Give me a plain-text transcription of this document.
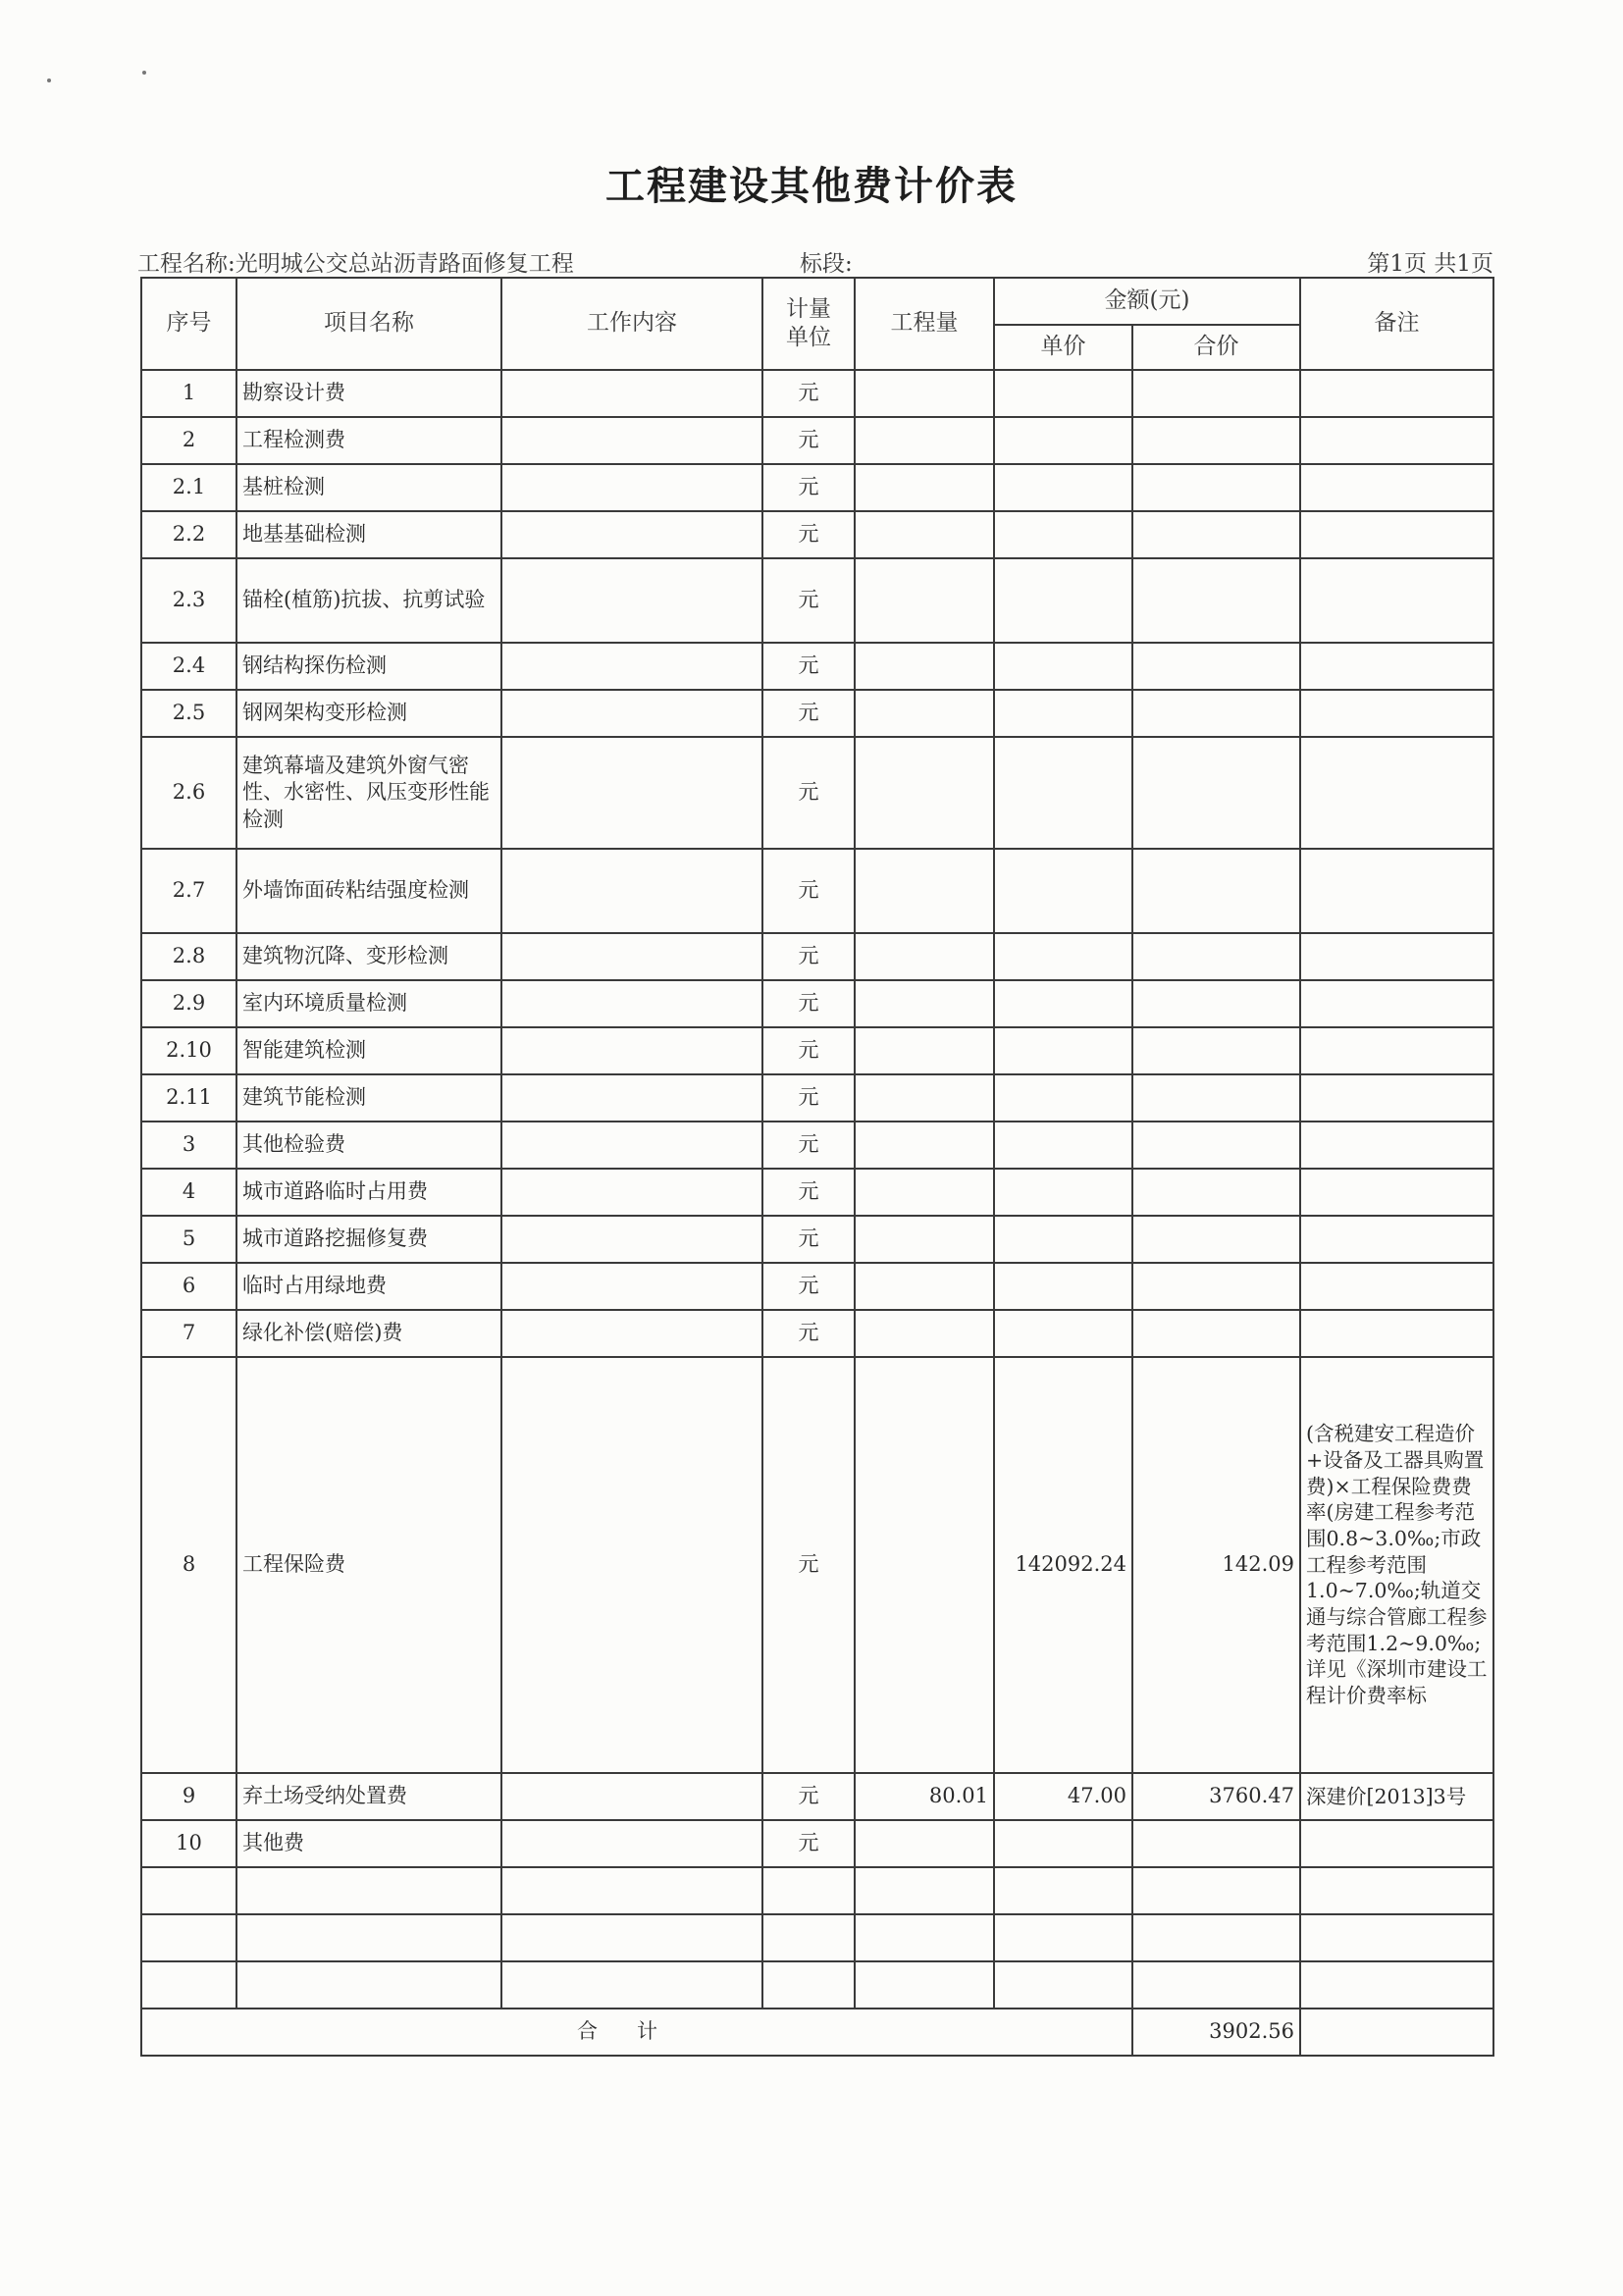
工程建设其他费计价表
工程名称:光明城公交总站沥青路面修复工程	标段:	第1页 共1页
序号	项目名称	工作内容	计量
单位	工程量	金额(元)		备注
					单价	合价	
1	勘察设计费		元				
2	工程检测费		元				
2.1	基桩检测		元				
2.2	地基基础检测		元				
2.3	锚栓(植筋)抗拔、抗剪试验		元				
2.4	钢结构探伤检测		元				
2.5	钢网架构变形检测		元				
2.6	建筑幕墙及建筑外窗气密性、水密性、风压变形性能检测		元				
2.7	外墙饰面砖粘结强度检测		元				
2.8	建筑物沉降、变形检测		元				
2.9	室内环境质量检测		元				
2.10	智能建筑检测		元				
2.11	建筑节能检测		元				
3	其他检验费		元				
4	城市道路临时占用费		元				
5	城市道路挖掘修复费		元				
6	临时占用绿地费		元				
7	绿化补偿(赔偿)费		元				
8	工程保险费		元		142092.24	142.09	(含税建安工程造价+设备及工器具购置费)×工程保险费费率(房建工程参考范围0.8~3.0‰;市政工程参考范围1.0~7.0‰;轨道交通与综合管廊工程参考范围1.2~9.0‰;详见《深圳市建设工程计价费率标
9	弃土场受纳处置费		元	80.01	47.00	3760.47	深建价[2013]3号
10	其他费		元				

合计						3902.56	
